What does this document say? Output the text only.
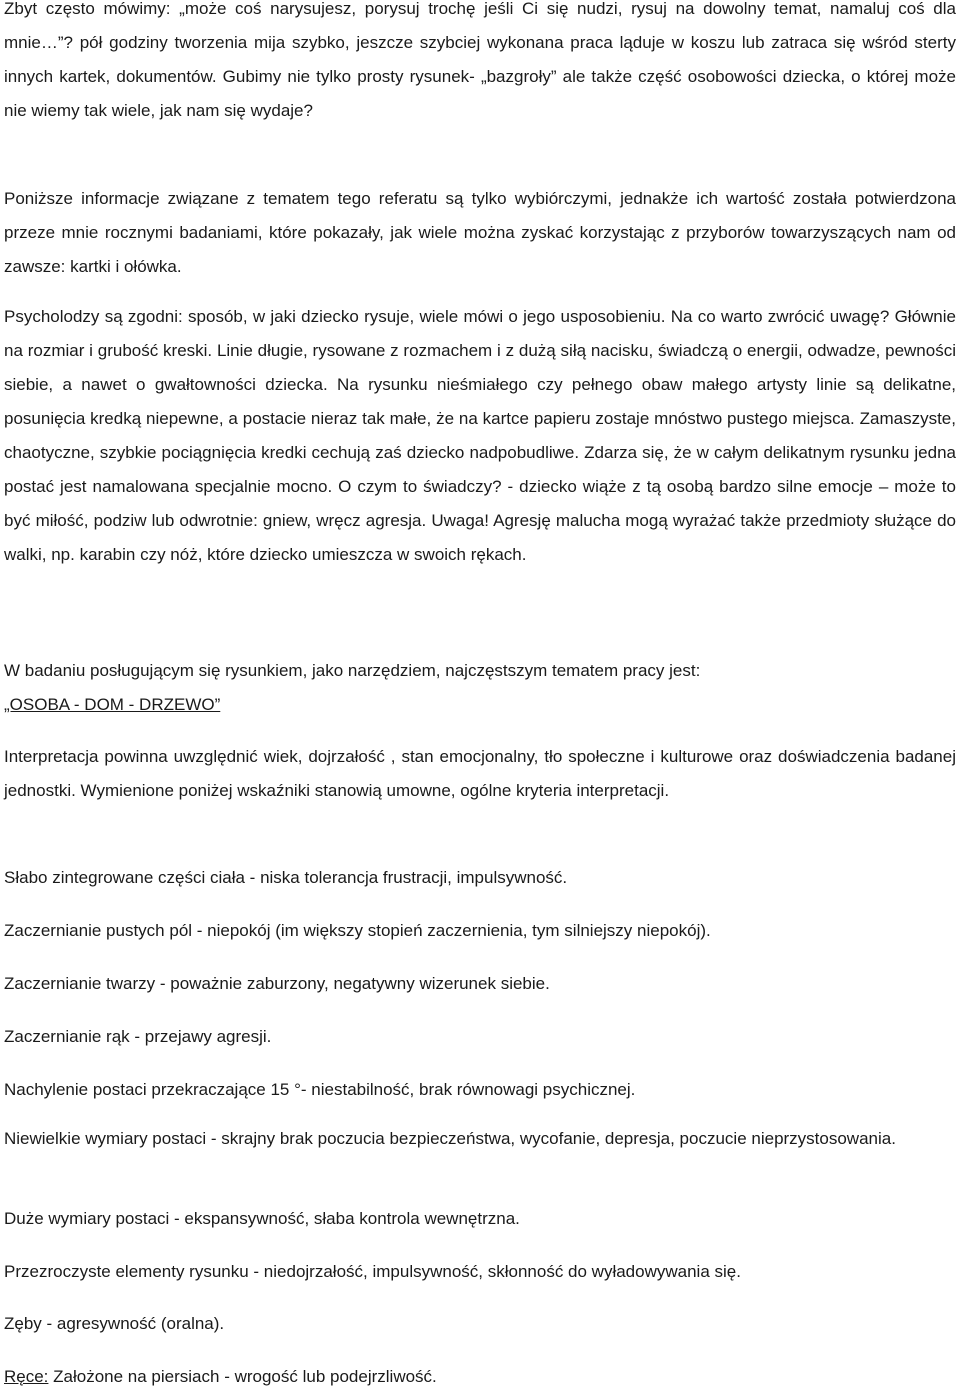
Zbyt często mówimy: „może coś narysujesz, porysuj trochę jeśli Ci się nudzi, rysuj na dowolny temat, namaluj coś dla mnie…”? pół godziny tworzenia mija szybko, jeszcze szybciej wykonana praca ląduje w koszu lub zatraca się wśród sterty innych kartek, dokumentów. Gubimy nie tylko prosty rysunek- „bazgroły” ale także część osobowości dziecka, o której może nie wiemy tak wiele, jak nam się wydaje?

Poniższe informacje związane z tematem tego referatu są tylko wybiórczymi, jednakże ich wartość została potwierdzona przeze mnie rocznymi badaniami, które pokazały, jak wiele można zyskać korzystając z przyborów towarzyszących nam od zawsze: kartki i ołówka.

Psycholodzy są zgodni: sposób, w jaki dziecko rysuje, wiele mówi o jego usposobieniu. Na co warto zwrócić uwagę? Głównie na rozmiar i grubość kreski. Linie długie, rysowane z rozmachem i z dużą siłą nacisku, świadczą o energii, odwadze, pewności siebie, a nawet o gwałtowności dziecka. Na rysunku nieśmiałego czy pełnego obaw małego artysty linie są delikatne, posunięcia kredką niepewne, a postacie nieraz tak małe, że na kartce papieru zostaje mnóstwo pustego miejsca. Zamaszyste, chaotyczne, szybkie pociągnięcia kredki cechują zaś dziecko nadpobudliwe. Zdarza się, że w całym delikatnym rysunku jedna postać jest namalowana specjalnie mocno. O czym to świadczy? - dziecko wiąże z tą osobą bardzo silne emocje – może to być miłość, podziw lub odwrotnie: gniew, wręcz agresja. Uwaga! Agresję malucha mogą wyrażać także przedmioty służące do walki, np. karabin czy nóż, które dziecko umieszcza w swoich rękach.

W badaniu posługującym się rysunkiem, jako narzędziem, najczęstszym tematem pracy jest:
„OSOBA - DOM - DRZEWO”

Interpretacja powinna uwzględnić wiek, dojrzałość , stan emocjonalny, tło społeczne i kulturowe oraz doświadczenia badanej jednostki. Wymienione poniżej wskaźniki stanowią umowne, ogólne kryteria interpretacji.

Słabo zintegrowane części ciała - niska tolerancja frustracji, impulsywność.

Zaczernianie pustych pól - niepokój (im większy stopień zaczernienia, tym silniejszy niepokój).

Zaczernianie twarzy - poważnie zaburzony, negatywny wizerunek siebie.

Zaczernianie rąk - przejawy agresji.

Nachylenie postaci przekraczające 15 °- niestabilność, brak równowagi psychicznej.

Niewielkie wymiary postaci - skrajny brak poczucia bezpieczeństwa, wycofanie, depresja, poczucie nieprzystosowania.

Duże wymiary postaci - ekspansywność, słaba kontrola wewnętrzna.

Przezroczyste elementy rysunku - niedojrzałość, impulsywność, skłonność do wyładowywania się.

Zęby - agresywność (oralna).

Ręce: Założone na piersiach - wrogość lub podejrzliwość.
